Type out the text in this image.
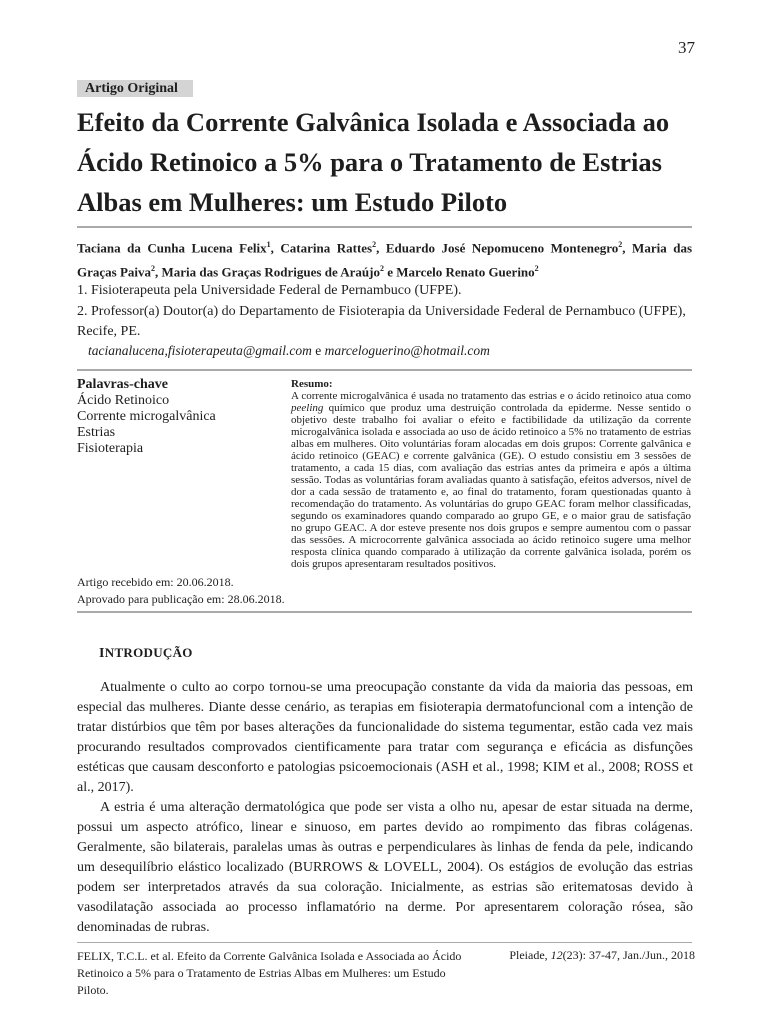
37
Artigo Original
Efeito da Corrente Galvânica Isolada e Associada ao Ácido Retinoico a 5% para o Tratamento de Estrias Albas em Mulheres: um Estudo Piloto
Taciana da Cunha Lucena Felix$^1$, Catarina Rattes$^2$, Eduardo José Nepomuceno Montenegro$^2$, Maria das Graças Paiva$^2$, Maria das Graças Rodrigues de Araújo$^2$ e Marcelo Renato Guerino$^2$
1. Fisioterapeuta pela Universidade Federal de Pernambuco (UFPE).
2. Professor(a) Doutor(a) do Departamento de Fisioterapia da Universidade Federal de Pernambuco (UFPE), Recife, PE.
tacianalucena,fisioterapeuta@gmail.com e marceloguerino@hotmail.com
Palavras-chave
Ácido Retinoico
Corrente microgalvânica
Estrias
Fisioterapia
Artigo recebido em: 20.06.2018.
Aprovado para publicação em: 28.06.2018.
Resumo:
A corrente microgalvânica é usada no tratamento das estrias e o ácido retinoico atua como peeling químico que produz uma destruição controlada da epiderme. Nesse sentido o objetivo deste trabalho foi avaliar o efeito e factibilidade da utilização da corrente microgalvânica isolada e associada ao uso de ácido retinoico a 5% no tratamento de estrias albas em mulheres. Oito voluntárias foram alocadas em dois grupos: Corrente galvânica e ácido retinoico (GEAC) e corrente galvânica (GE). O estudo consistiu em 3 sessões de tratamento, a cada 15 dias, com avaliação das estrias antes da primeira e após a última sessão. Todas as voluntárias foram avaliadas quanto à satisfação, efeitos adversos, nível de dor a cada sessão de tratamento e, ao final do tratamento, foram questionadas quanto à recomendação do tratamento. As voluntárias do grupo GEAC foram melhor classificadas, segundo os examinadores quando comparado ao grupo GE, e o maior grau de satisfação no grupo GEAC. A dor esteve presente nos dois grupos e sempre aumentou com o passar das sessões. A microcorrente galvânica associada ao ácido retinoico sugere uma melhor resposta clínica quando comparado à utilização da corrente galvânica isolada, porém os dois grupos apresentaram resultados positivos.
INTRODUÇÃO

Atualmente o culto ao corpo tornou-se uma preocupação constante da vida da maioria das pessoas, em especial das mulheres. Diante desse cenário, as terapias em fisioterapia dermatofuncional com a intenção de tratar distúrbios que têm por bases alterações da funcionalidade do sistema tegumentar, estão cada vez mais procurando resultados comprovados cientificamente para tratar com segurança e eficácia as disfunções estéticas que causam desconforto e patologias psicoemocionais (ASH et al., 1998; KIM et al., 2008; ROSS et al., 2017).

A estria é uma alteração dermatológica que pode ser vista a olho nu, apesar de estar situada na derme, possui um aspecto atrófico, linear e sinuoso, em partes devido ao rompimento das fibras colágenas. Geralmente, são bilaterais, paralelas umas às outras e perpendiculares às linhas de fenda da pele, indicando um desequilíbrio elástico localizado (BURROWS & LOVELL, 2004). Os estágios de evolução das estrias podem ser interpretados através da sua coloração. Inicialmente, as estrias são eritematosas devido à vasodilatação associada ao processo inflamatório na derme. Por apresentarem coloração rósea, são denominadas de rubras.

FELIX, T.C.L. et al. Efeito da Corrente Galvânica Isolada e Associada ao Ácido Retinoico a 5% para o Tratamento de Estrias Albas em Mulheres: um Estudo Piloto.
Pleiade, 12(23): 37-47, Jan./Jun., 2018
